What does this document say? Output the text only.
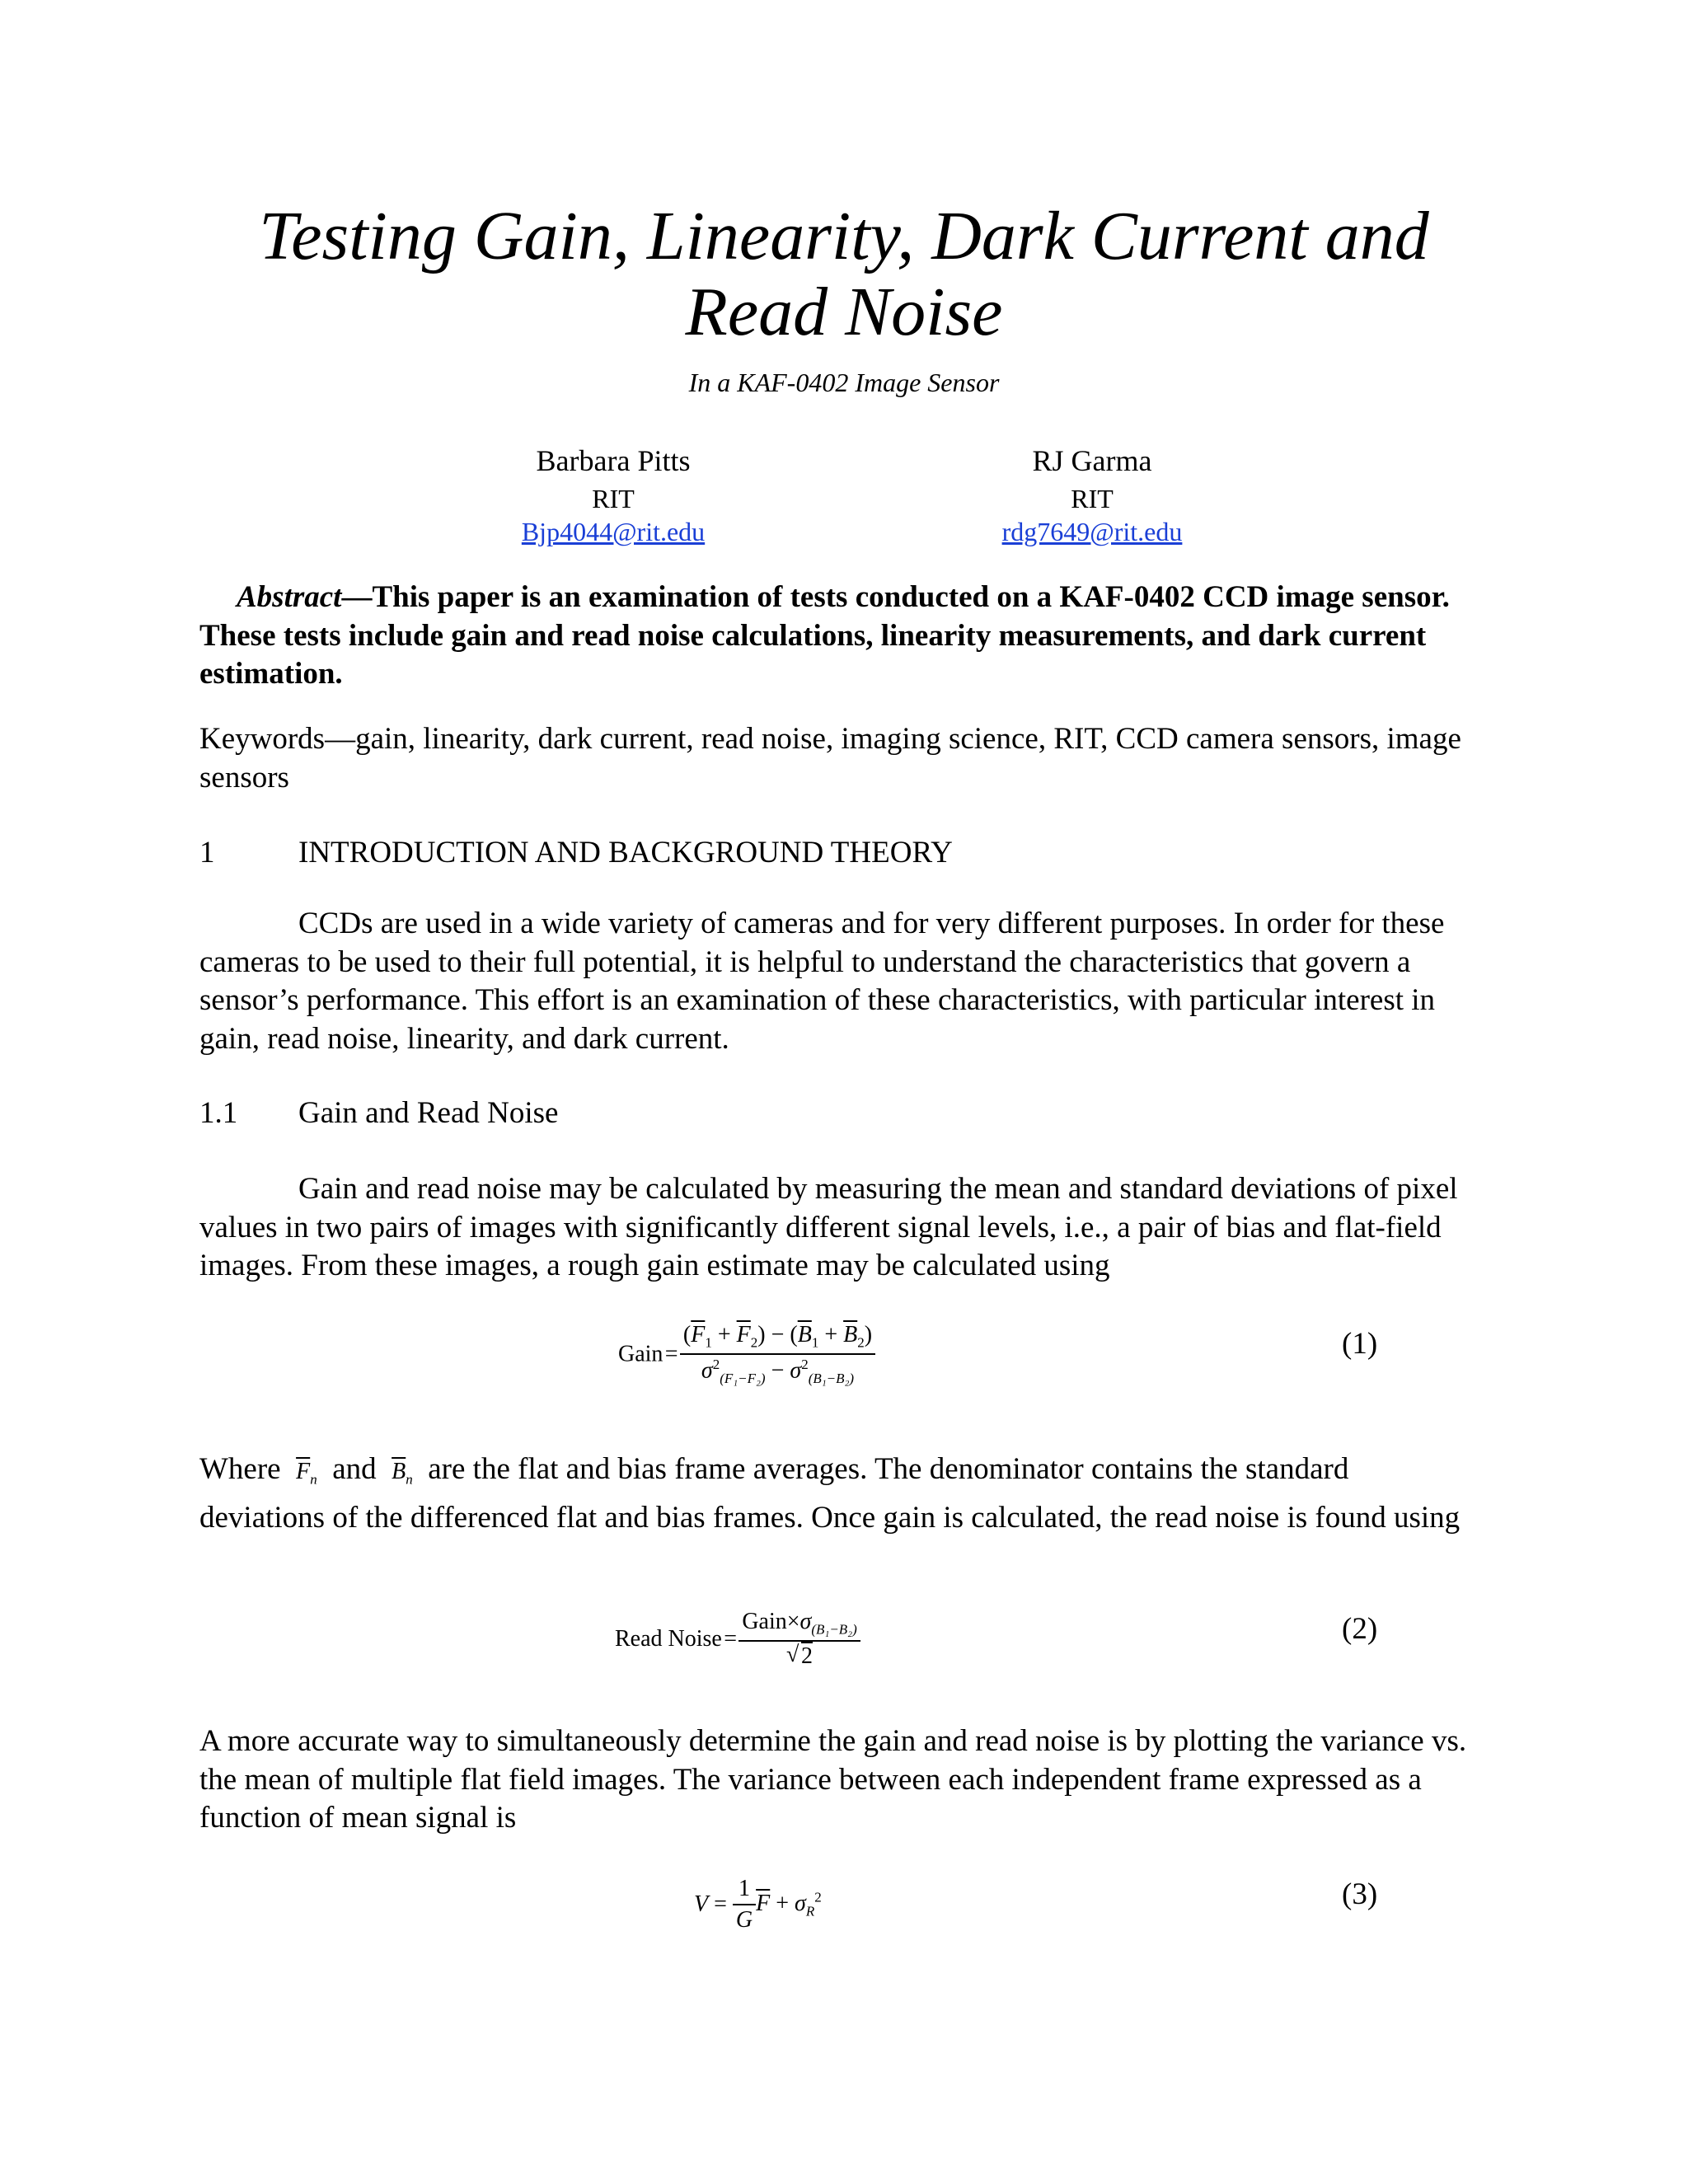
Testing Gain, Linearity, Dark Current and
Read Noise
In a KAF-0402 Image Sensor
Barbara Pitts
RIT
Bjp4044@rit.edu
RJ Garma
RIT
rdg7649@rit.edu
Abstract—This paper is an examination of tests conducted on a KAF-0402 CCD image sensor. These tests include gain and read noise calculations, linearity measurements, and dark current estimation.
Keywords—gain, linearity, dark current, read noise, imaging science, RIT, CCD camera sensors, image sensors
1	INTRODUCTION AND BACKGROUND THEORY
CCDs are used in a wide variety of cameras and for very different purposes. In order for these cameras to be used to their full potential, it is helpful to understand the characteristics that govern a sensor’s performance. This effort is an examination of these characteristics, with particular interest in gain, read noise, linearity, and dark current.
1.1 Gain and Read Noise
Gain and read noise may be calculated by measuring the mean and standard deviations of pixel values in two pairs of images with significantly different signal levels, i.e., a pair of bias and flat-field images. From these images, a rough gain estimate may be calculated using
Gain =  $\frac{(\overline{F}_1 + \overline{F}_2) - (\overline{B}_1 + \overline{B}_2)}{\sigma^2_{(F_1-F_2)} - \sigma^2_{(B_1-B_2)}}$	(1)
Where $\overline{F}_n$ and $\overline{B}_n$ are the flat and bias frame averages. The denominator contains the standard
deviations of the differenced flat and bias frames. Once gain is calculated, the read noise is found using
Read Noise =  $Gain\times\sigma_{(B_1-B_2)}$
√ 2	(2)
A more accurate way to simultaneously determine the gain and read noise is by plotting the variance vs. the mean of multiple flat field images. The variance between each independent frame expressed as a function of mean signal is
$V = \frac{1}{G} \overline{F} + \sigma_R^2$	(3)
